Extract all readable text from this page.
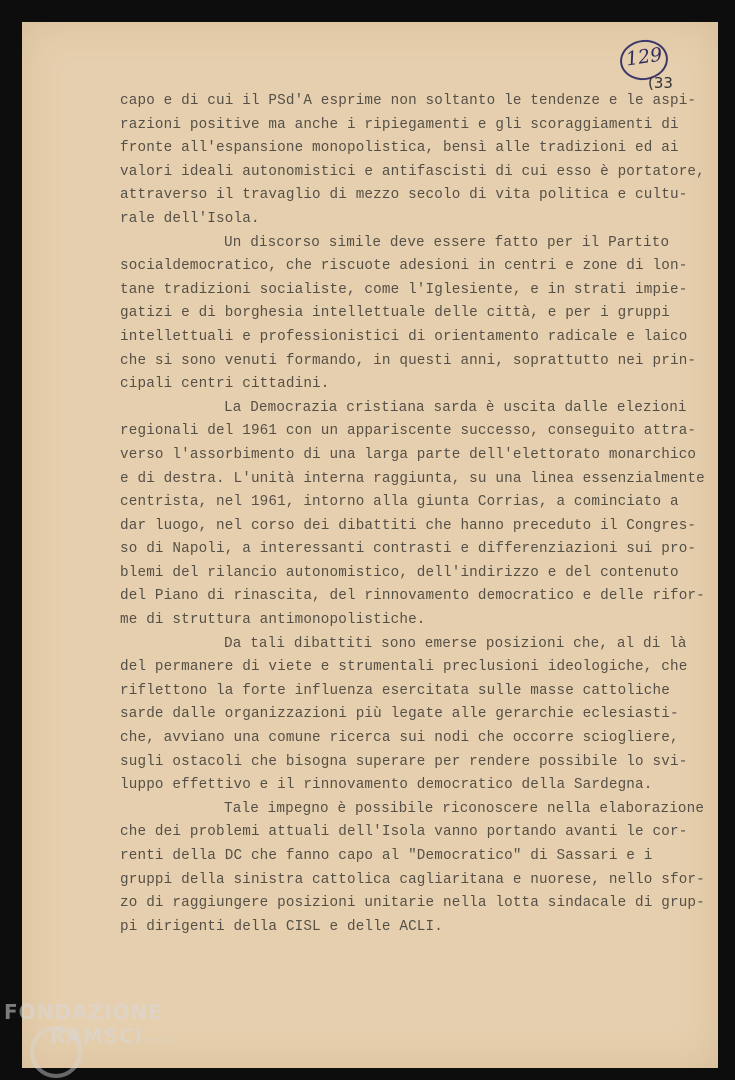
129
(33
capo e di cui il PSd'A esprime non soltanto le tendenze e le aspi-
razioni positive ma anche i ripiegamenti e gli scoraggiamenti di
fronte all'espansione monopolistica, bensì alle tradizioni ed ai
valori ideali autonomistici e antifascisti di cui esso è portatore,
attraverso il travaglio di mezzo secolo di vita politica e cultu-
rale dell'Isola.
Un discorso simile deve essere fatto per il Partito
socialdemocratico, che riscuote adesioni in centri e zone di lon-
tane tradizioni socialiste, come l'Iglesiente, e in strati impie-
gatizi e di borghesia intellettuale delle città, e per i gruppi
intellettuali e professionistici di orientamento radicale e laico
che si sono venuti formando, in questi anni, soprattutto nei prin-
cipali centri cittadini.
La Democrazia cristiana sarda è uscita dalle elezioni
regionali del 1961 con un appariscente successo, conseguito attra-
verso l'assorbimento di una larga parte dell'elettorato monarchico
e di destra. L'unità interna raggiunta, su una linea essenzialmente
centrista, nel 1961, intorno alla giunta Corrias, a cominciato a
dar luogo, nel corso dei dibattiti che hanno preceduto il Congres-
so di Napoli, a interessanti contrasti e differenziazioni sui pro-
blemi del rilancio autonomistico, dell'indirizzo e del contenuto
del Piano di rinascita, del rinnovamento democratico e delle rifor-
me di struttura antimonopolistiche.
Da tali dibattiti sono emerse posizioni che, al di là
del permanere di viete e strumentali preclusioni ideologiche, che
riflettono la forte influenza esercitata sulle masse cattoliche
sarde dalle organizzazioni più legate alle gerarchie eclesiasti-
che, avviano una comune ricerca sui nodi che occorre sciogliere,
sugli ostacoli che bisogna superare per rendere possibile lo svi-
luppo effettivo e il rinnovamento democratico della Sardegna.
Tale impegno è possibile riconoscere nella elaborazione
che dei problemi attuali dell'Isola vanno portando avanti le cor-
renti della DC che fanno capo al "Democratico" di Sassari e i
gruppi della sinistra cattolica cagliaritana e nuorese, nello sfor-
zo di raggiungere posizioni unitarie nella lotta sindacale di grup-
pi dirigenti della CISL e delle ACLI.
FONDAZIONE
RAMSCI onlus
